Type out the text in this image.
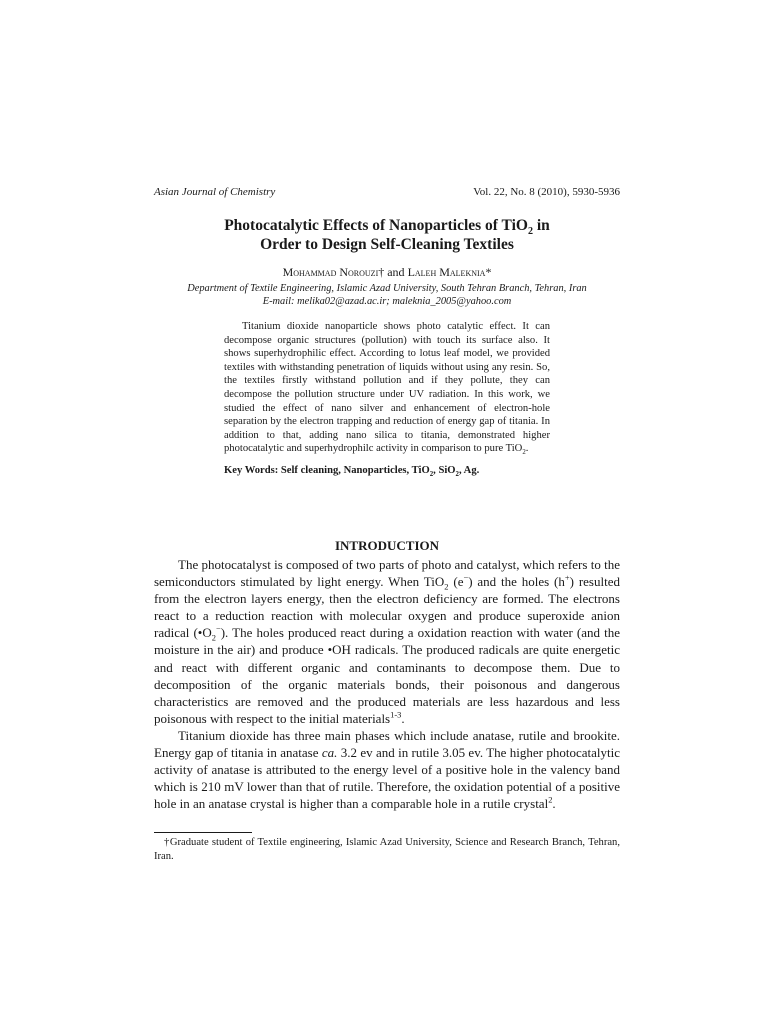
Asian Journal of Chemistry	Vol. 22, No. 8 (2010), 5930-5936
Photocatalytic Effects of Nanoparticles of TiO$_2$ in
Order to Design Self-Cleaning Textiles
Mohammad Norouzi† and Laleh Maleknia*
Department of Textile Engineering, Islamic Azad University, South Tehran Branch, Tehran, Iran
E-mail: melika02@azad.ac.ir; maleknia_2005@yahoo.com

Titanium dioxide nanoparticle shows photo catalytic effect. It can decompose organic structures (pollution) with touch its surface also. It shows superhydrophilic effect. According to lotus leaf model, we provided textiles with withstanding penetration of liquids without using any resin. So, the textiles firstly withstand pollution and if they pollute, they can decompose the pollution structure under UV radiation. In this work, we studied the effect of nano silver and enhancement of electron-hole separation by the electron trapping and reduction of energy gap of titania. In addition to that, adding nano silica to titania, demonstrated higher photocatalytic and superhydrophilc activity in comparison to pure TiO$_2$.

Key Words: Self cleaning, Nanoparticles, TiO$_2$, SiO$_2$, Ag.
INTRODUCTION

The photocatalyst is composed of two parts of photo and catalyst, which refers to the semiconductors stimulated by light energy. When TiO$_2$ (e−) and the holes (h+) resulted from the electron layers energy, then the electron deficiency are formed. The electrons react to a reduction reaction with molecular oxygen and produce superoxide anion radical $(•O_2^-)$. The holes produced react during a oxidation reaction with water (and the moisture in the air) and produce •OH radicals. The produced radicals are quite energetic and react with different organic and contaminants to decompose them. Due to decomposition of the organic materials bonds, their poisonous and dangerous characteristics are removed and the produced materials are less hazardous and less poisonous with respect to the initial materials$^{1-3}$.

Titanium dioxide has three main phases which include anatase, rutile and brookite. Energy gap of titania in anatase ca. 3.2 ev and in rutile 3.05 ev. The higher photocatalytic activity of anatase is attributed to the energy level of a positive hole in the valency band which is 210 mV lower than that of rutile. Therefore, the oxidation potential of a positive hole in an anatase crystal is higher than a comparable hole in a rutile crystal$^2$.

†Graduate student of Textile engineering, Islamic Azad University, Science and Research Branch, Tehran, Iran.
